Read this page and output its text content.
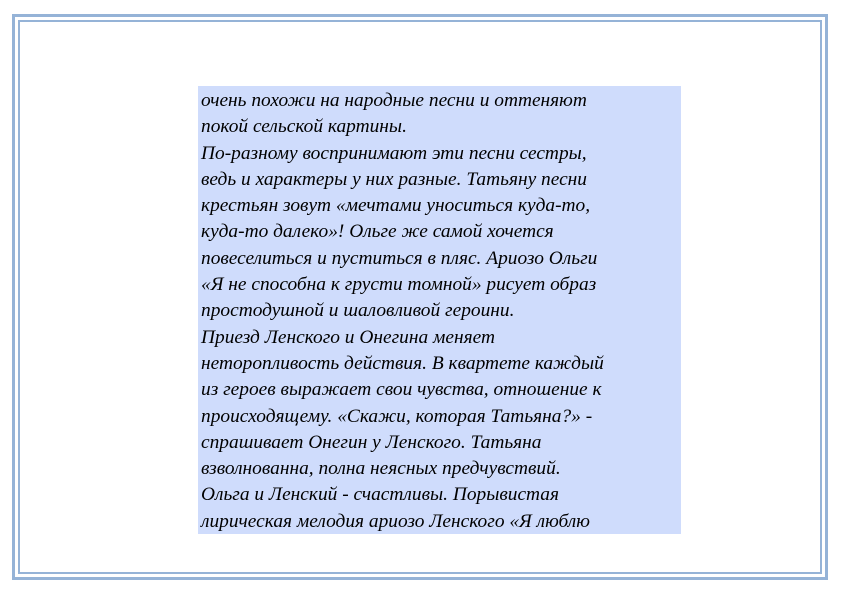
очень похожи на народные песни и оттеняют

покой сельской картины.

По-разному воспринимают эти песни сестры,

ведь и характеры у них разные. Татьяну песни

крестьян зовут «мечтами уноситься куда-то,

куда-то далеко»! Ольге же самой хочется

повеселиться и пуститься в пляс. Ариозо Ольги

«Я не способна к грусти томной» рисует образ

простодушной и шаловливой героини.

Приезд Ленского и Онегина меняет

неторопливость действия. В квартете каждый

из героев выражает свои чувства, отношение к

происходящему. «Скажи, которая Татьяна?» -

спрашивает Онегин у Ленского. Татьяна

взволнованна, полна неясных предчувствий.

Ольга и Ленский - счастливы. Порывистая

лирическая мелодия ариозо Ленского «Я люблю
